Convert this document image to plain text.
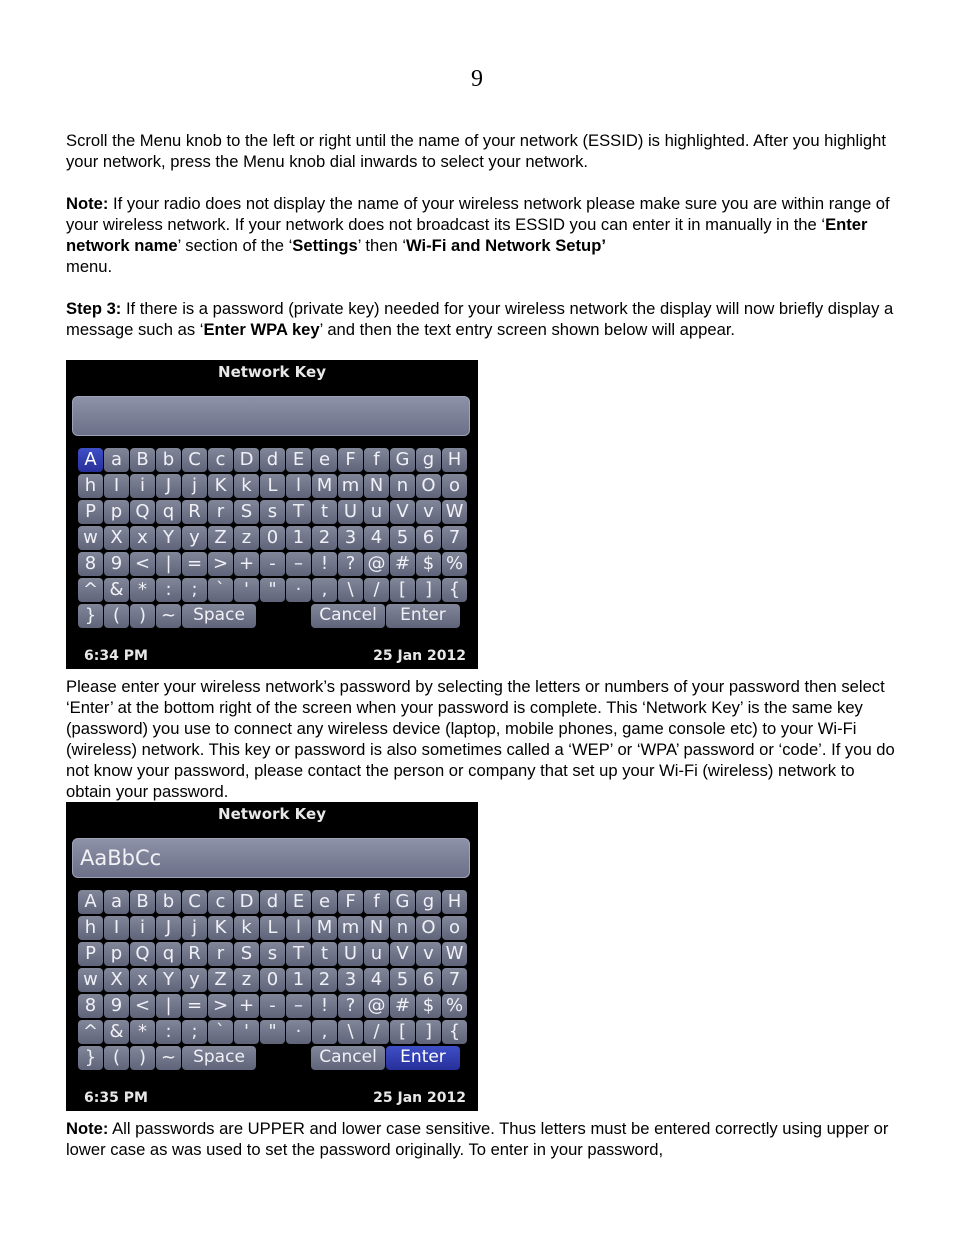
9

Scroll the Menu knob to the left or right until the name of your network (ESSID) is highlighted. After you highlight your network, press the Menu knob dial inwards to select your network.

Note: If your radio does not display the name of your wireless network please make sure you are within range of your wireless network. If your network does not broadcast its ESSID you can enter it in manually in the ‘Enter network name’ section of the ‘Settings’ then ‘Wi-Fi and Network Setup’
menu.

Step 3: If there is a password (private key) needed for your wireless network the display will now briefly display a message such as ‘Enter WPA key’ and then the text entry screen shown below will appear.

Network Key
A a B b C c D d E e F f G g H
h I	i	J	j K k L	l M m N n O o
P p Q q R r S s T t U u V v W
w X x Y y Z z 0 1 2 3 4 5 6 7
8 9 < | = > + -	– ! ? @ # $ %
^ & *	:	;	`	'	"	·	,	\	/	[	] {
} (	) ~	Space	Cancel	Enter
6:34 PM	25 Jan 2012

Please enter your wireless network’s password by selecting the letters or numbers of your password then select ‘Enter’ at the bottom right of the screen when your password is complete. This ‘Network Key’ is the same key (password) you use to connect any wireless device (laptop, mobile phones, game console etc) to your Wi-Fi (wireless) network. This key or password is also sometimes called a ‘WEP’ or ‘WPA’ password or ‘code’. If you do not know your password, please contact the person or company that set up your Wi-Fi (wireless) network to obtain your password.

Network Key
AaBbCc
A a B b C c D d E e F f G g H
h I	i	J	j K k L	l M m N n O o
P p Q q R r S s T t U u V v W
w X x Y y Z z 0 1 2 3 4 5 6 7
8 9 < | = > + -	– ! ? @ # $ %
^ & *	:	;	`	'	"	·	,	\	/	[	] {
} (	) ~	Space	Cancel	Enter
6:35 PM	25 Jan 2012

Note: All passwords are UPPER and lower case sensitive. Thus letters must be entered correctly using upper or lower case as was used to set the password originally. To enter in your password,
